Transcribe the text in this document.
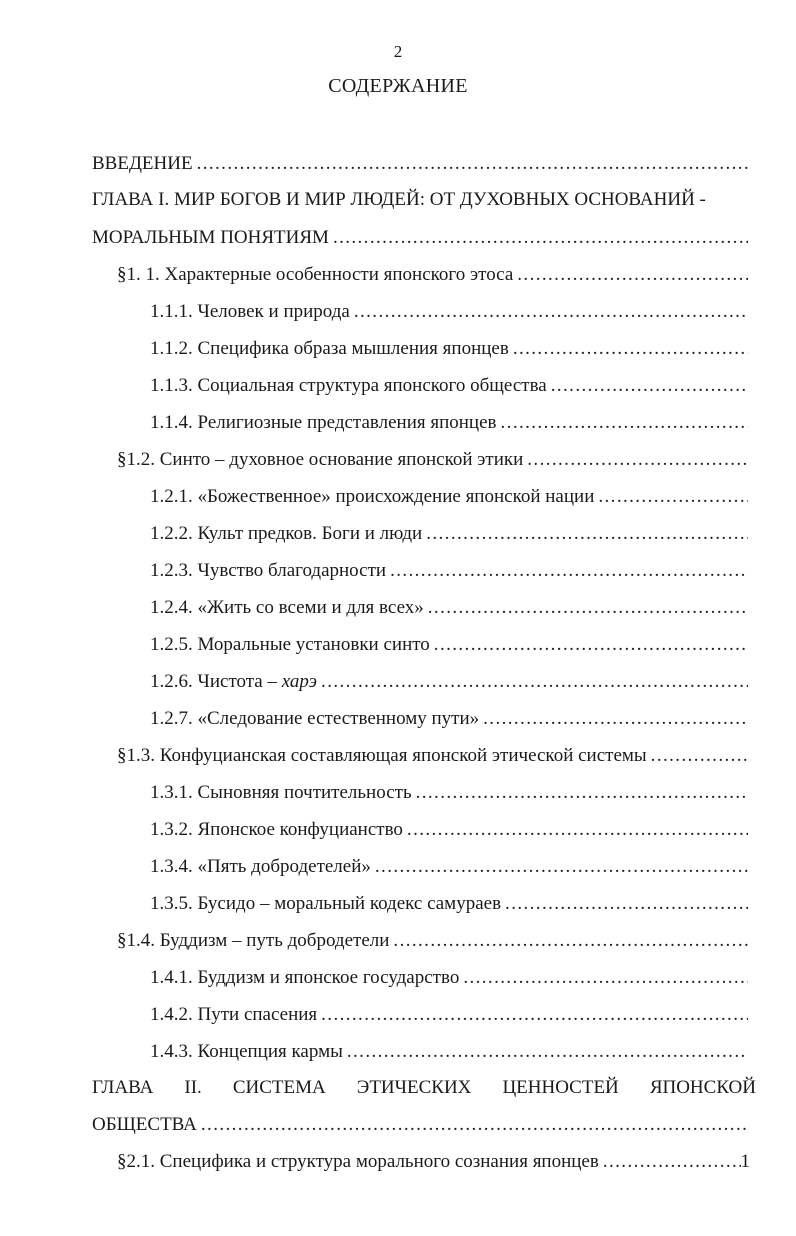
2
СОДЕРЖАНИЕ
ВВЕДЕНИЕ
.....
ГЛАВА I. МИР БОГОВ И МИР ЛЮДЕЙ: ОТ ДУХОВНЫХ ОСНОВАНИЙ -
МОРАЛЬНЫМ ПОНЯТИЯМ
.....
§1. 1. Характерные особенности японского этоса
.....
1.1.1. Человек и природа
.....
1.1.2. Специфика образа мышления японцев
.....
1.1.3. Социальная структура японского общества
.....
1.1.4. Религиозные представления японцев
.....
§1.2. Синто – духовное основание японской этики
.....
1.2.1. «Божественное» происхождение японской нации
.....
1.2.2. Культ предков. Боги и люди
.....
1.2.3. Чувство благодарности
.....
1.2.4. «Жить со всеми и для всех»
.....
1.2.5. Моральные установки синто
.....
1.2.6. Чистота – харэ
.....
1.2.7. «Следование естественному пути»
.....
§1.3. Конфуцианская составляющая японской этической системы
.....
1.3.1. Сыновняя почтительность
.....
1.3.2. Японское конфуцианство
.....
1.3.4. «Пять добродетелей»
.....
1.3.5. Бусидо – моральный кодекс самураев
.....
§1.4. Буддизм – путь добродетели
.....
1.4.1. Буддизм и японское государство
.....
1.4.2. Пути спасения
.....
1.4.3. Концепция кармы
.....
ГЛАВА II. СИСТЕМА ЭТИЧЕСКИХ ЦЕННОСТЕЙ ЯПОНСКОЙ
ОБЩЕСТВА
.....
§2.1. Специфика и структура морального сознания японцев
.....	1
